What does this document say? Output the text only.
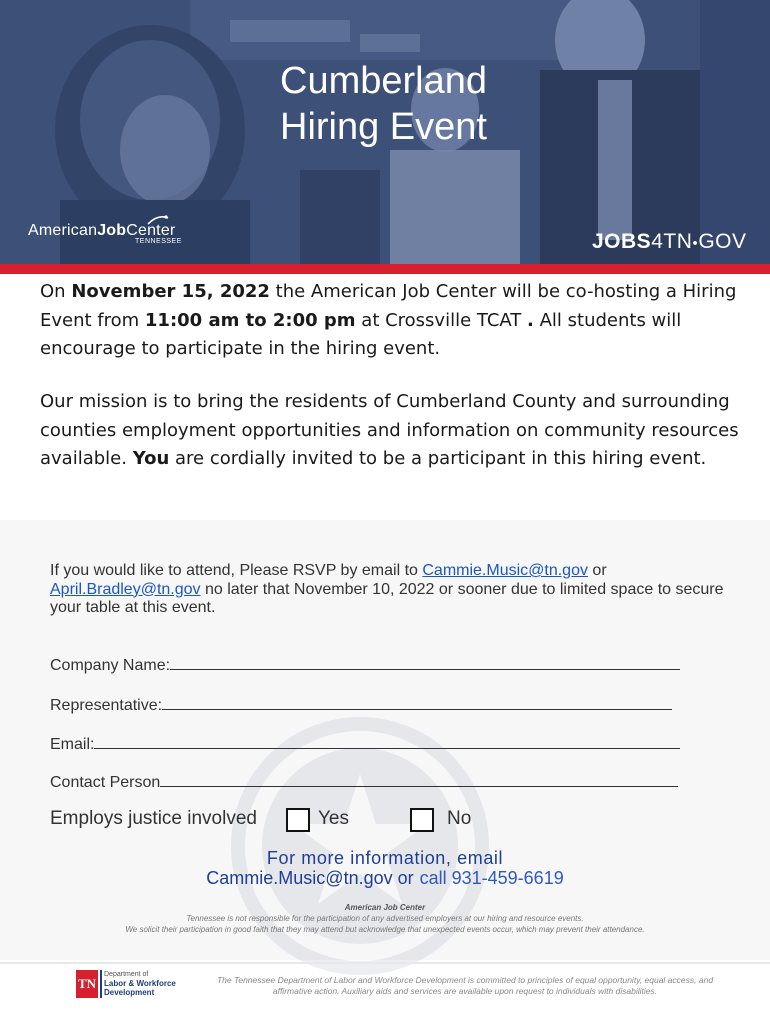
Cumberland
Hiring Event
AmericanJobCenter
TENNESSEE	JOBS4TN●GOV

On November 15, 2022 the American Job Center will be co-hosting a Hiring Event from 11:00 am to 2:00 pm at Crossville TCAT . All students will encourage to participate in the hiring event.

Our mission is to bring the residents of Cumberland County and surrounding counties employment opportunities and information on community resources available. You are cordially invited to be a participant in this hiring event.

If you would like to attend, Please RSVP by email to Cammie.Music@tn.gov or April.Bradley@tn.gov no later that November 10, 2022 or sooner due to limited space to secure your table at this event.

Company Name:
Representative:
Email:
Contact Person
Employs justice involved	Yes	No
For more information, email
Cammie.Music@tn.gov or call 931-459-6619
American Job Center
Tennessee is not responsible for the participation of any advertised employers at our hiring and resource events.
We solicit their participation in good faith that they may attend but acknowledge that unexpected events occur, which may prevent their attendance.
TN
Department of
Labor & Workforce
Development
The Tennessee Department of Labor and Workforce Development is committed to principles of equal opportunity, equal access, and affirmative action. Auxiliary aids and services are available upon request to individuals with disabilities.
